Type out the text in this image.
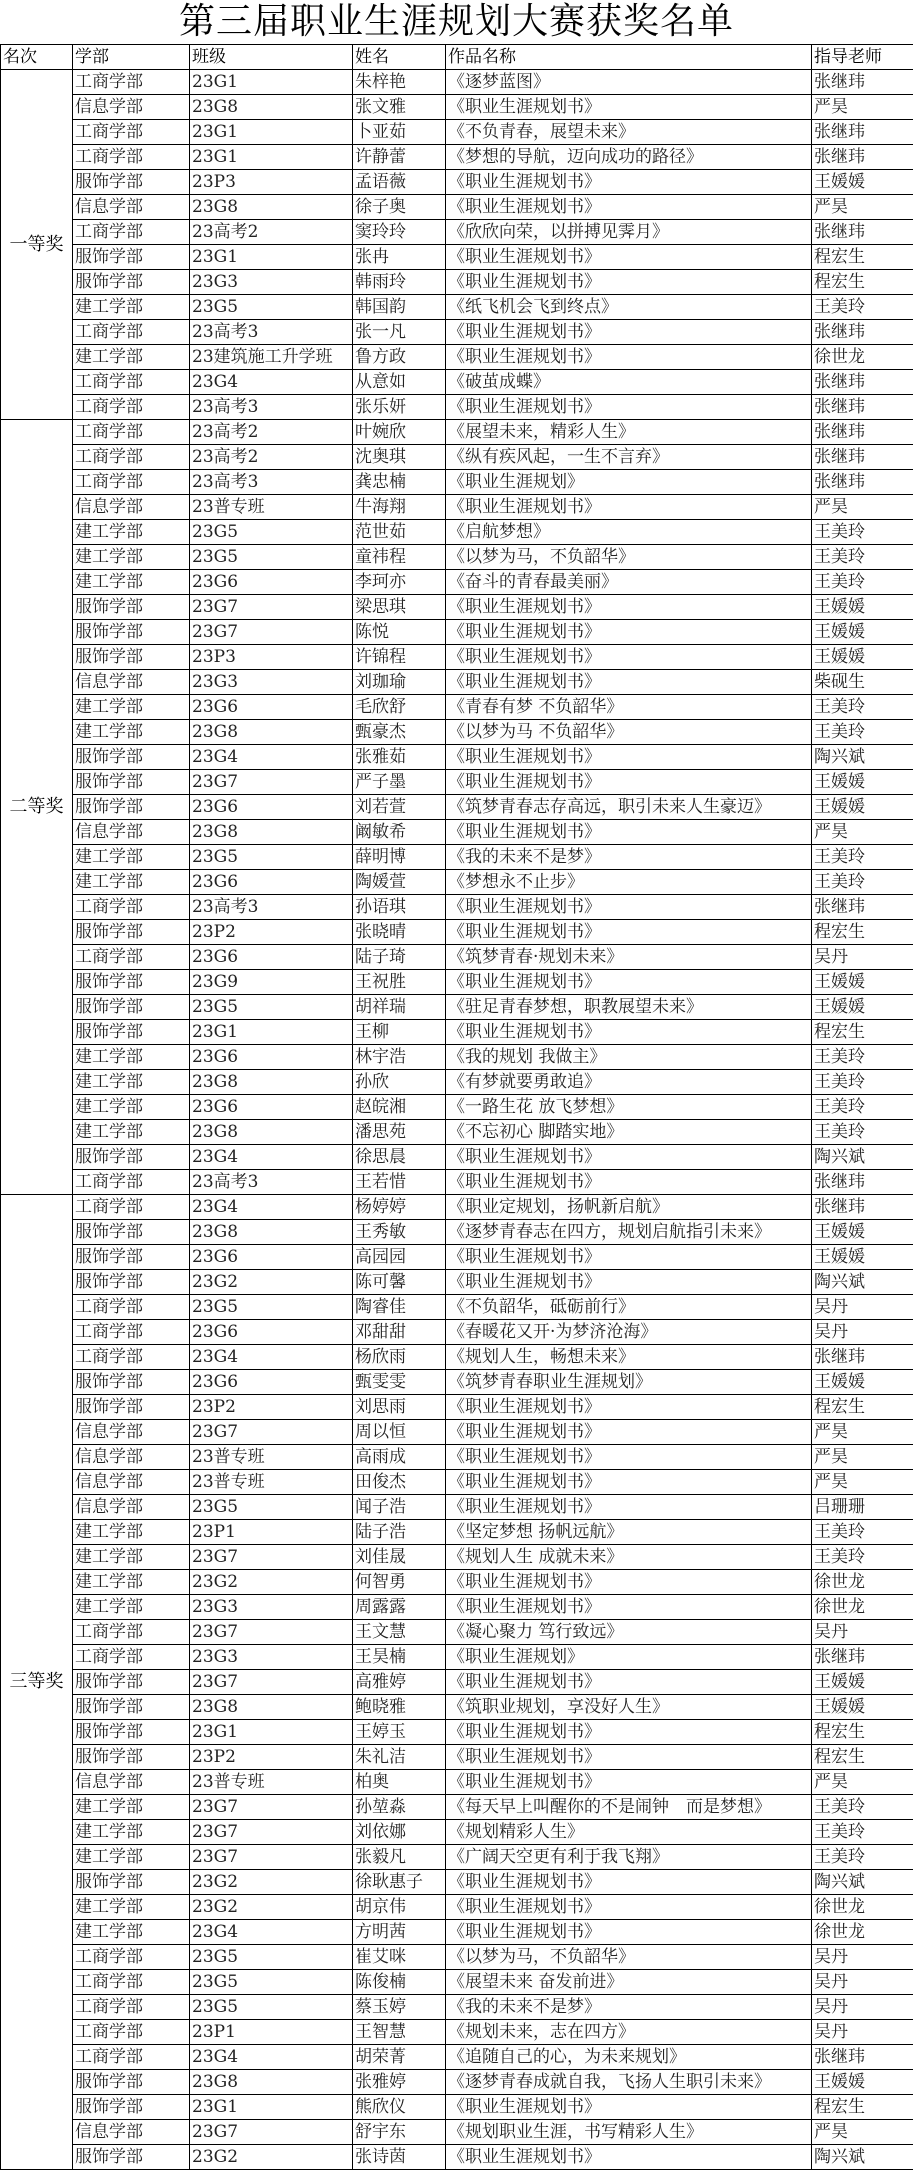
第三届职业生涯规划大赛获奖名单
名次	学部	班级	姓名	作品名称	指导老师
一等奖	工商学部	23G1	朱梓艳	《逐梦蓝图》	张继玮
	信息学部	23G8	张文雅	《职业生涯规划书》	严昊
	工商学部	23G1	卜亚茹	《不负青春，展望未来》	张继玮
	工商学部	23G1	许静蕾	《梦想的导航，迈向成功的路径》	张继玮
	服饰学部	23P3	孟语薇	《职业生涯规划书》	王媛媛
	信息学部	23G8	徐子奥	《职业生涯规划书》	严昊
	工商学部	23高考2	窦玲玲	《欣欣向荣，以拼搏见霁月》	张继玮
	服饰学部	23G1	张冉	《职业生涯规划书》	程宏生
	服饰学部	23G3	韩雨玲	《职业生涯规划书》	程宏生
	建工学部	23G5	韩国韵	《纸飞机会飞到终点》	王美玲
	工商学部	23高考3	张一凡	《职业生涯规划书》	张继玮
	建工学部	23建筑施工升学班	鲁方政	《职业生涯规划书》	徐世龙
	工商学部	23G4	从意如	《破茧成蝶》	张继玮
	工商学部	23高考3	张乐妍	《职业生涯规划书》	张继玮
二等奖	工商学部	23高考2	叶婉欣	《展望未来，精彩人生》	张继玮
	工商学部	23高考2	沈奥琪	《纵有疾风起，一生不言弃》	张继玮
	工商学部	23高考3	龚忠楠	《职业生涯规划》	张继玮
	信息学部	23普专班	牛海翔	《职业生涯规划书》	严昊
	建工学部	23G5	范世茹	《启航梦想》	王美玲
	建工学部	23G5	童祎程	《以梦为马，不负韶华》	王美玲
	建工学部	23G6	李珂亦	《奋斗的青春最美丽》	王美玲
	服饰学部	23G7	梁思琪	《职业生涯规划书》	王媛媛
	服饰学部	23G7	陈悦	《职业生涯规划书》	王媛媛
	服饰学部	23P3	许锦程	《职业生涯规划书》	王媛媛
	信息学部	23G3	刘珈瑜	《职业生涯规划书》	柴砚生
	建工学部	23G6	毛欣舒	《青春有梦 不负韶华》	王美玲
	建工学部	23G8	甄豪杰	《以梦为马 不负韶华》	王美玲
	服饰学部	23G4	张雅茹	《职业生涯规划书》	陶兴斌
	服饰学部	23G7	严子墨	《职业生涯规划书》	王媛媛
	服饰学部	23G6	刘若萱	《筑梦青春志存高远，职引未来人生豪迈》	王媛媛
	信息学部	23G8	阚敏希	《职业生涯规划书》	严昊
	建工学部	23G5	薛明博	《我的未来不是梦》	王美玲
	建工学部	23G6	陶媛萱	《梦想永不止步》	王美玲
	工商学部	23高考3	孙语琪	《职业生涯规划书》	张继玮
	服饰学部	23P2	张晓晴	《职业生涯规划书》	程宏生
	工商学部	23G6	陆子琦	《筑梦青春·规划未来》	吴丹
	服饰学部	23G9	王祝胜	《职业生涯规划书》	王媛媛
	服饰学部	23G5	胡祥瑞	《驻足青春梦想，职教展望未来》	王媛媛
	服饰学部	23G1	王柳	《职业生涯规划书》	程宏生
	建工学部	23G6	林宇浩	《我的规划 我做主》	王美玲
	建工学部	23G8	孙欣	《有梦就要勇敢追》	王美玲
	建工学部	23G6	赵皖湘	《一路生花 放飞梦想》	王美玲
	建工学部	23G8	潘思苑	《不忘初心 脚踏实地》	王美玲
	服饰学部	23G4	徐思晨	《职业生涯规划书》	陶兴斌
	工商学部	23高考3	王若惜	《职业生涯规划书》	张继玮
三等奖	工商学部	23G4	杨婷婷	《职业定规划，扬帆新启航》	张继玮
	服饰学部	23G8	王秀敏	《逐梦青春志在四方，规划启航指引未来》	王媛媛
	服饰学部	23G6	高园园	《职业生涯规划书》	王媛媛
	服饰学部	23G2	陈可馨	《职业生涯规划书》	陶兴斌
	工商学部	23G5	陶睿佳	《不负韶华，砥砺前行》	吴丹
	工商学部	23G6	邓甜甜	《春暖花又开·为梦济沧海》	吴丹
	工商学部	23G4	杨欣雨	《规划人生，畅想未来》	张继玮
	服饰学部	23G6	甄雯雯	《筑梦青春职业生涯规划》	王媛媛
	服饰学部	23P2	刘思雨	《职业生涯规划书》	程宏生
	信息学部	23G7	周以恒	《职业生涯规划书》	严昊
	信息学部	23普专班	高雨成	《职业生涯规划书》	严昊
	信息学部	23普专班	田俊杰	《职业生涯规划书》	严昊
	信息学部	23G5	闻子浩	《职业生涯规划书》	吕珊珊
	建工学部	23P1	陆子浩	《坚定梦想 扬帆远航》	王美玲
	建工学部	23G7	刘佳晟	《规划人生 成就未来》	王美玲
	建工学部	23G2	何智勇	《职业生涯规划书》	徐世龙
	建工学部	23G3	周露露	《职业生涯规划书》	徐世龙
	工商学部	23G7	王文慧	《凝心聚力 笃行致远》	吴丹
	工商学部	23G3	王昊楠	《职业生涯规划》	张继玮
	服饰学部	23G7	高雅婷	《职业生涯规划书》	王媛媛
	服饰学部	23G8	鲍晓雅	《筑职业规划，享没好人生》	王媛媛
	服饰学部	23G1	王婷玉	《职业生涯规划书》	程宏生
	服饰学部	23P2	朱礼洁	《职业生涯规划书》	程宏生
	信息学部	23普专班	柏奥	《职业生涯规划书》	严昊
	建工学部	23G7	孙堃淼	《每天早上叫醒你的不是闹钟　而是梦想》	王美玲
	建工学部	23G7	刘依娜	《规划精彩人生》	王美玲
	建工学部	23G7	张毅凡	《广阔天空更有利于我飞翔》	王美玲
	服饰学部	23G2	徐耿惠子	《职业生涯规划书》	陶兴斌
	建工学部	23G2	胡京伟	《职业生涯规划书》	徐世龙
	建工学部	23G4	方明茜	《职业生涯规划书》	徐世龙
	工商学部	23G5	崔艾咪	《以梦为马，不负韶华》	吴丹
	工商学部	23G5	陈俊楠	《展望未来 奋发前进》	吴丹
	工商学部	23G5	蔡玉婷	《我的未来不是梦》	吴丹
	工商学部	23P1	王智慧	《规划未来，志在四方》	吴丹
	工商学部	23G4	胡荣菁	《追随自己的心，为未来规划》	张继玮
	服饰学部	23G8	张雅婷	《逐梦青春成就自我，飞扬人生职引未来》	王媛媛
	服饰学部	23G1	熊欣仪	《职业生涯规划书》	程宏生
	信息学部	23G7	舒宇东	《规划职业生涯，书写精彩人生》	严昊
	服饰学部	23G2	张诗茵	《职业生涯规划书》	陶兴斌
